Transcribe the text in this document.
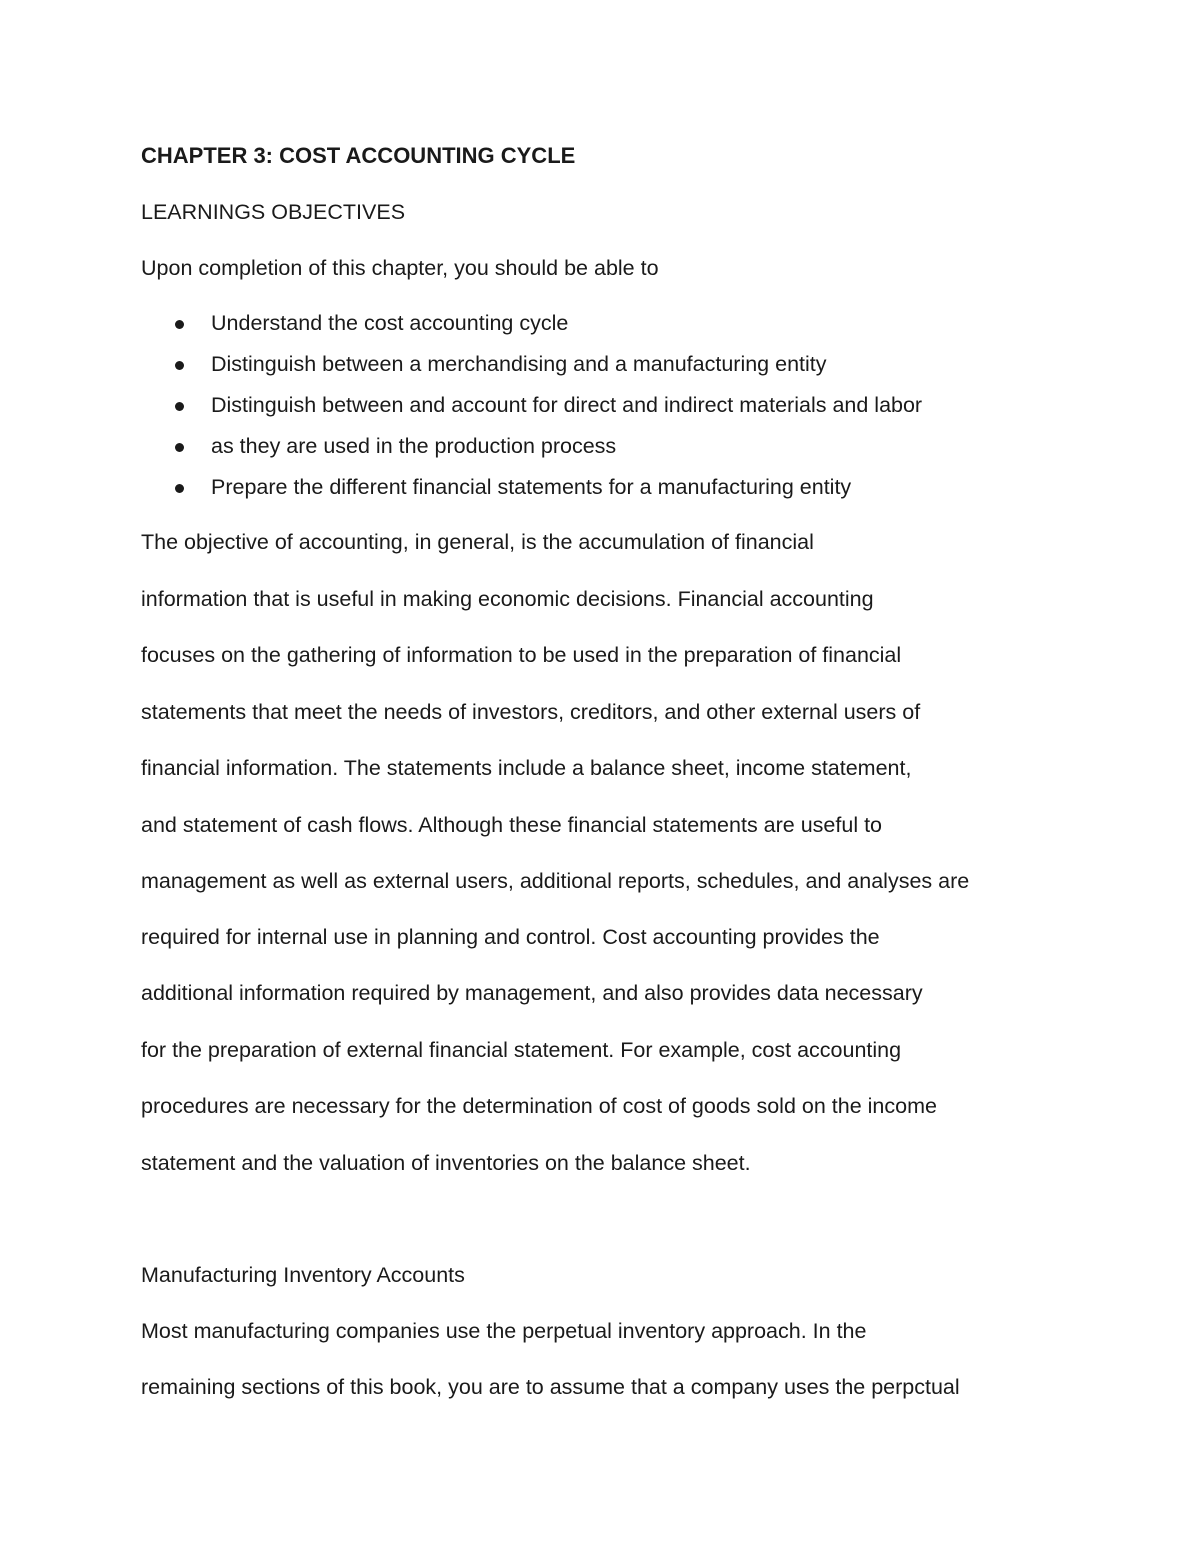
CHAPTER 3: COST ACCOUNTING CYCLE
LEARNINGS OBJECTIVES
Upon completion of this chapter, you should be able to
Understand the cost accounting cycle
Distinguish between a merchandising and a manufacturing entity
Distinguish between and account for direct and indirect materials and labor
as they are used in the production process
Prepare the different financial statements for a manufacturing entity
The objective of accounting, in general, is the accumulation of financial
information that is useful in making economic decisions. Financial accounting
focuses on the gathering of information to be used in the preparation of financial
statements that meet the needs of investors, creditors, and other external users of
financial information. The statements include a balance sheet, income statement,
and statement of cash flows. Although these financial statements are useful to
management as well as external users, additional reports, schedules, and analyses are
required for internal use in planning and control. Cost accounting provides the
additional information required by management, and also provides data necessary
for the preparation of external financial statement. For example, cost accounting
procedures are necessary for the determination of cost of goods sold on the income
statement and the valuation of inventories on the balance sheet.
Manufacturing Inventory Accounts
Most manufacturing companies use the perpetual inventory approach. In the
remaining sections of this book, you are to assume that a company uses the perpctual
